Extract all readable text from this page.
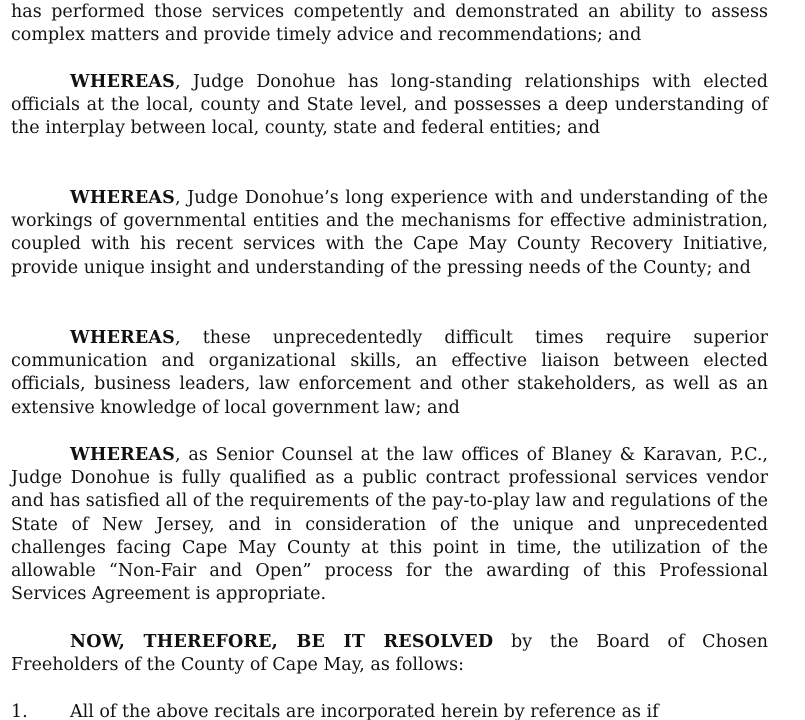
has performed those services competently and demonstrated an ability to assess complex matters and provide timely advice and recommendations; and

WHEREAS, Judge Donohue has long-standing relationships with elected officials at the local, county and State level, and possesses a deep understanding of the interplay between local, county, state and federal entities; and

WHEREAS, Judge Donohue’s long experience with and understanding of the workings of governmental entities and the mechanisms for effective administration, coupled with his recent services with the Cape May County Recovery Initiative, provide unique insight and understanding of the pressing needs of the County; and

WHEREAS, these unprecedentedly difficult times require superior communication and organizational skills, an effective liaison between elected officials, business leaders, law enforcement and other stakeholders, as well as an extensive knowledge of local government law; and

WHEREAS, as Senior Counsel at the law offices of Blaney & Karavan, P.C., Judge Donohue is fully qualified as a public contract professional services vendor and has satisfied all of the requirements of the pay-to-play law and regulations of the State of New Jersey, and in consideration of the unique and unprecedented challenges facing Cape May County at this point in time, the utilization of the allowable “Non-Fair and Open” process for the awarding of this Professional Services Agreement is appropriate.

NOW, THEREFORE, BE IT RESOLVED by the Board of Chosen Freeholders of the County of Cape May, as follows:

1. All of the above recitals are incorporated herein by reference as if
